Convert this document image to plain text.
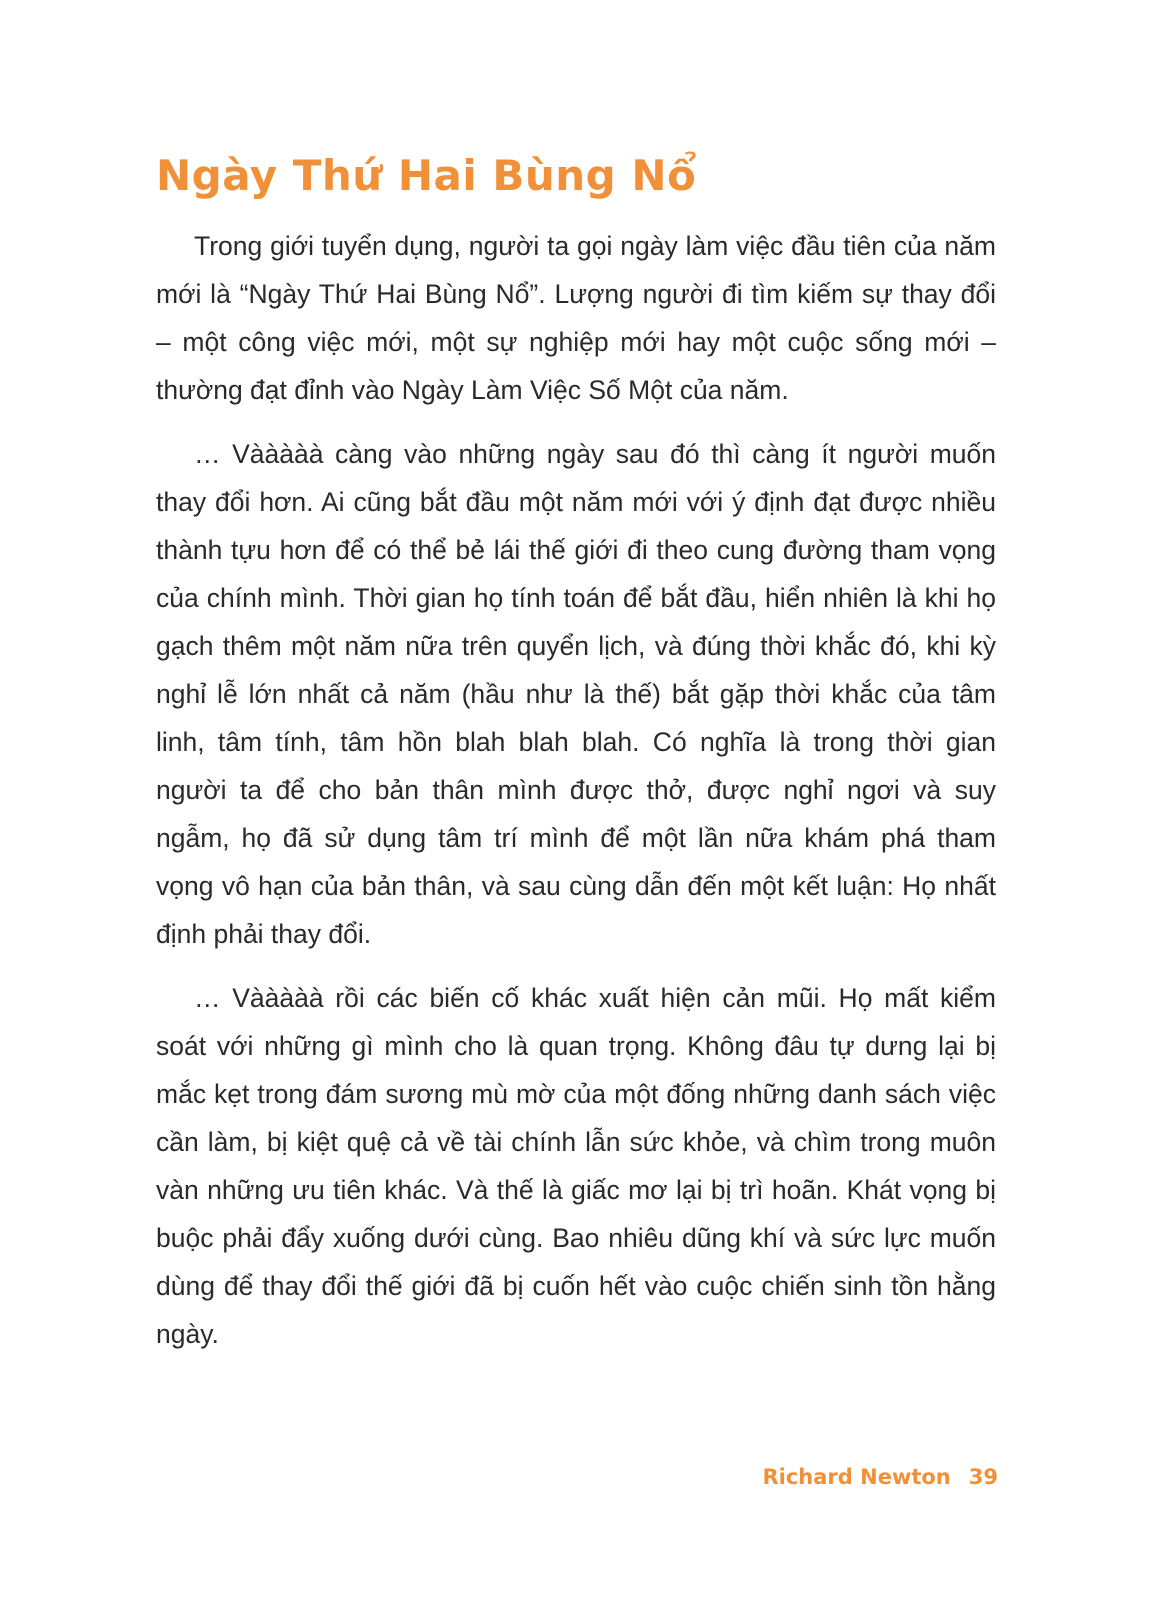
Ngày Thứ Hai Bùng Nổ

Trong giới tuyển dụng, người ta gọi ngày làm việc đầu tiên của năm mới là “Ngày Thứ Hai Bùng Nổ”. Lượng người đi tìm kiếm sự thay đổi – một công việc mới, một sự nghiệp mới hay một cuộc sống mới – thường đạt đỉnh vào Ngày Làm Việc Số Một của năm.

… Vààààà càng vào những ngày sau đó thì càng ít người muốn thay đổi hơn. Ai cũng bắt đầu một năm mới với ý định đạt được nhiều thành tựu hơn để có thể bẻ lái thế giới đi theo cung đường tham vọng của chính mình. Thời gian họ tính toán để bắt đầu, hiển nhiên là khi họ gạch thêm một năm nữa trên quyển lịch, và đúng thời khắc đó, khi kỳ nghỉ lễ lớn nhất cả năm (hầu như là thế) bắt gặp thời khắc của tâm linh, tâm tính, tâm hồn blah blah blah. Có nghĩa là trong thời gian người ta để cho bản thân mình được thở, được nghỉ ngơi và suy ngẫm, họ đã sử dụng tâm trí mình để một lần nữa khám phá tham vọng vô hạn của bản thân, và sau cùng dẫn đến một kết luận: Họ nhất định phải thay đổi.

… Vààààà rồi các biến cố khác xuất hiện cản mũi. Họ mất kiểm soát với những gì mình cho là quan trọng. Không đâu tự dưng lại bị mắc kẹt trong đám sương mù mờ của một đống những danh sách việc cần làm, bị kiệt quệ cả về tài chính lẫn sức khỏe, và chìm trong muôn vàn những ưu tiên khác. Và thế là giấc mơ lại bị trì hoãn. Khát vọng bị buộc phải đẩy xuống dưới cùng. Bao nhiêu dũng khí và sức lực muốn dùng để thay đổi thế giới đã bị cuốn hết vào cuộc chiến sinh tồn hằng ngày.

Richard Newton 39
